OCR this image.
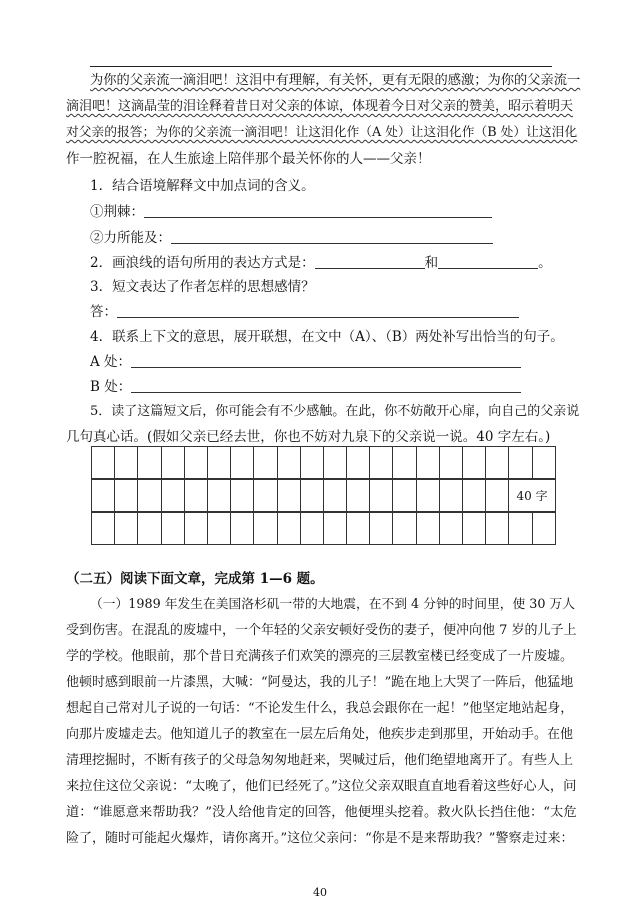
为你的父亲流一滴泪吧！这泪中有理解，有关怀，更有无限的感激；为你的父亲流一
滴泪吧！这滴晶莹的泪诠释着昔日对父亲的体谅，体现着今日对父亲的赞美，昭示着明天
对父亲的报答；为你的父亲流一滴泪吧！让这泪化作（A 处）让这泪化作（B 处）让这泪化
作一腔祝福，在人生旅途上陪伴那个最关怀你的人——父亲！
1．结合语境解释文中加点词的含义。
①荆棘：
②力所能及：
2．画浪线的语句所用的表达方式是：	和	。
3．短文表达了作者怎样的思想感情？
答：
4．联系上下文的意思，展开联想，在文中（A）、（B）两处补写出恰当的句子。
A 处：
B 处：
5．读了这篇短文后，你可能会有不少感触。在此，你不妨敞开心扉，向自己的父亲说
几句真心话。(假如父亲已经去世，你也不妨对九泉下的父亲说一说。40 字左右。)

																		40 字

（二五）阅读下面文章，完成第 1—6 题。
（一）1989 年发生在美国洛杉矶一带的大地震，在不到 4 分钟的时间里，使 30 万人
受到伤害。在混乱的废墟中，一个年轻的父亲安顿好受伤的妻子，便冲向他 7 岁的儿子上
学的学校。他眼前，那个昔日充满孩子们欢笑的漂亮的三层教室楼已经变成了一片废墟。
他顿时感到眼前一片漆黑，大喊：“阿曼达，我的儿子！”跪在地上大哭了一阵后，他猛地
想起自己常对儿子说的一句话：“不论发生什么，我总会跟你在一起！”他坚定地站起身，
向那片废墟走去。他知道儿子的教室在一层左后角处，他疾步走到那里，开始动手。在他
清理挖掘时，不断有孩子的父母急匆匆地赶来，哭喊过后，他们绝望地离开了。有些人上
来拉住这位父亲说：“太晚了，他们已经死了。”这位父亲双眼直直地看着这些好心人，问
道：“谁愿意来帮助我？”没人给他肯定的回答，他便埋头挖着。救火队长挡住他：“太危
险了，随时可能起火爆炸，请你离开。”这位父亲问：“你是不是来帮助我？”警察走过来：
40
